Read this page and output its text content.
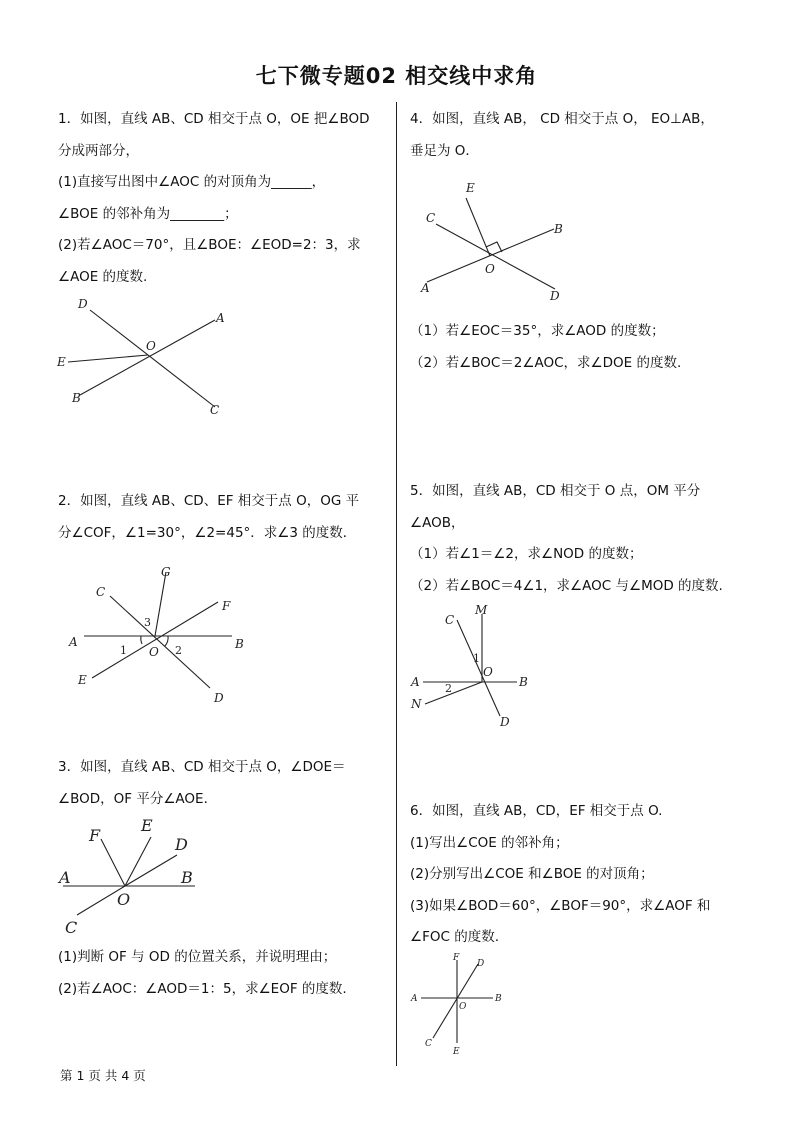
七下微专题02 相交线中求角

1．如图，直线 AB、CD 相交于点 O，OE 把∠BOD

分成两部分，

(1)直接写出图中∠AOC 的对顶角为______，

∠BOE 的邻补角为________；

(2)若∠AOC＝70°，且∠BOE：∠EOD=2：3，求

∠AOE 的度数.

D
A
O
E
B
C

2．如图，直线 AB、CD、EF 相交于点 O，OG 平

分∠COF，∠1=30°，∠2=45°．求∠3 的度数．

G
C
F
3
A
1 O 2	B
E
D

3．如图，直线 AB、CD 相交于点 O，∠DOE＝

∠BOD，OF 平分∠AOE．

F
E
D
A	B
O
C

(1)判断 OF 与 OD 的位置关系，并说明理由；

(2)若∠AOC：∠AOD＝1：5，求∠EOF 的度数.

4．如图，直线 AB， CD 相交于点 O， EO⊥AB，

垂足为 O．

E
C
B
O
A
D

（1）若∠EOC＝35°，求∠AOD 的度数；

（2）若∠BOC＝2∠AOC，求∠DOE 的度数.

5．如图，直线 AB，CD 相交于 O 点，OM 平分

∠AOB，

（1）若∠1＝∠2，求∠NOD 的度数；

（2）若∠BOC＝4∠1，求∠AOC 与∠MOD 的度数.

C
M
1
O
A 2	B
N
D

6．如图，直线 AB，CD，EF 相交于点 O.

(1)写出∠COE 的邻补角；

(2)分别写出∠COE 和∠BOE 的对顶角；

(3)如果∠BOD＝60°，∠BOF＝90°，求∠AOF 和

∠FOC 的度数.

F
D
A	B
O
C
E
第 1 页 共 4 页
